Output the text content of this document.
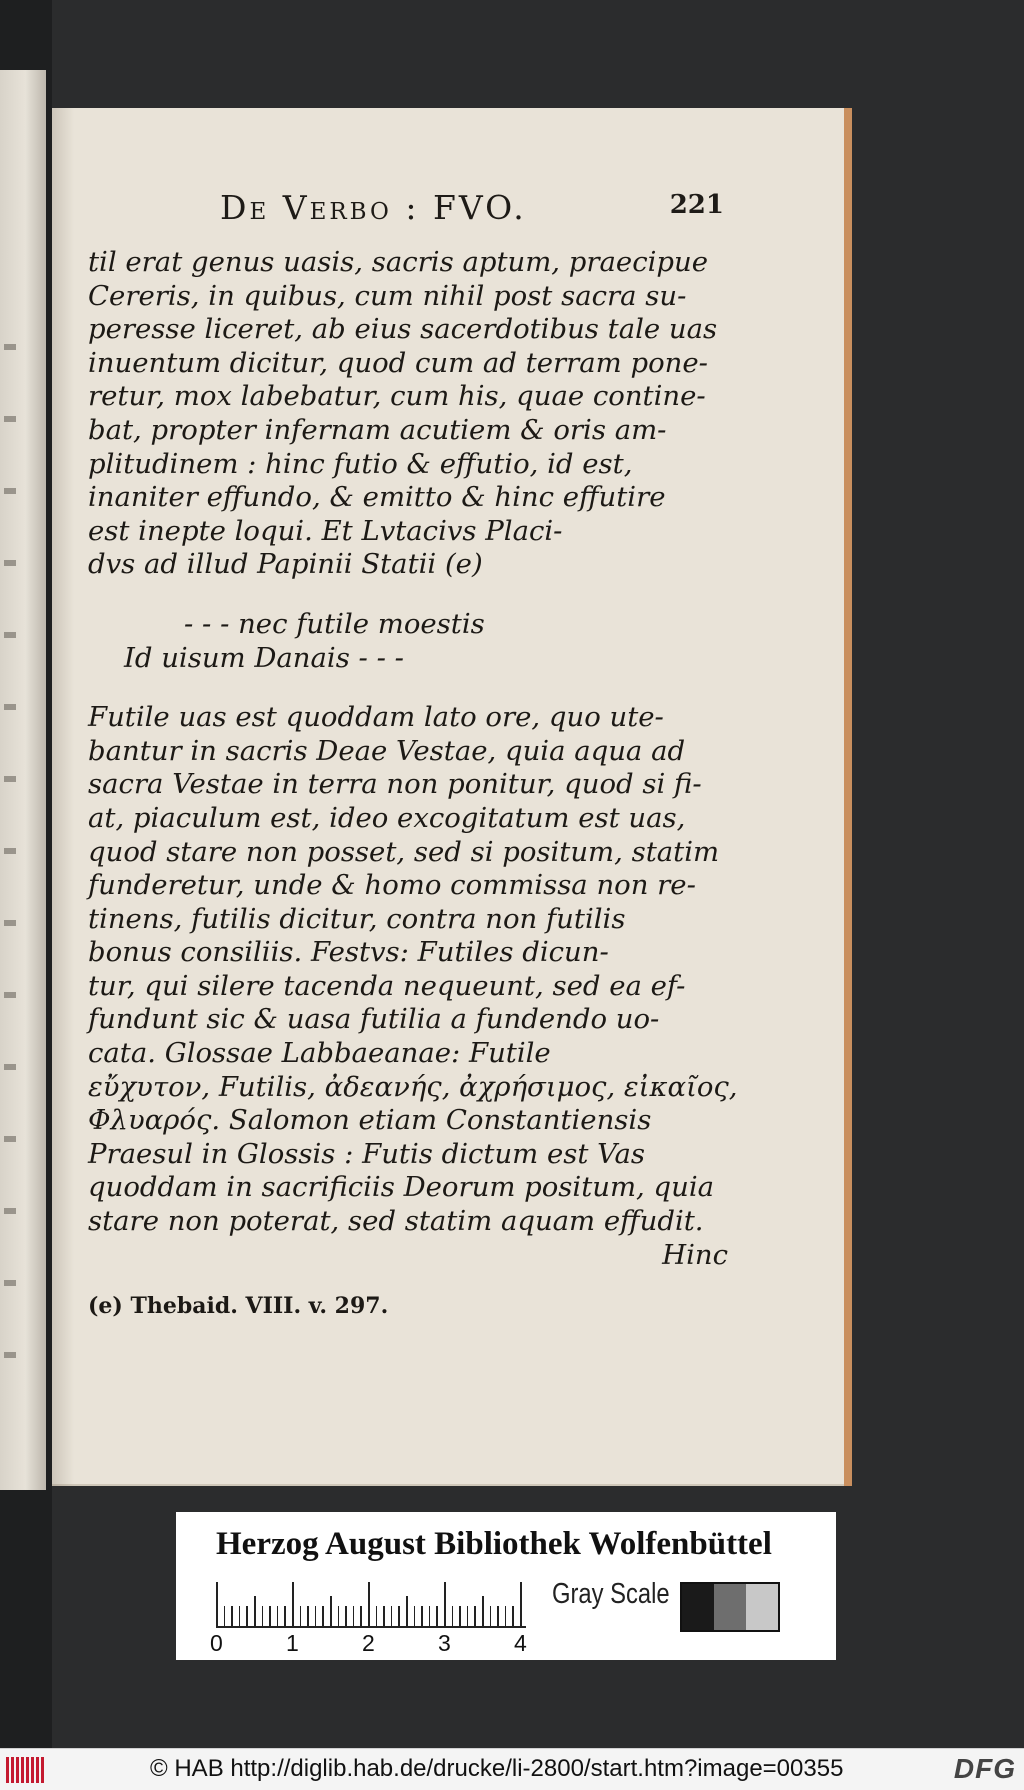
De Verbo : FVO.	221
til erat genus uasis, sacris aptum, praecipue
Cereris, in quibus, cum nihil post sacra su-
peresse liceret, ab eius sacerdotibus tale uas
inuentum dicitur, quod cum ad terram pone-
retur, mox labebatur, cum his, quae contine-
bat, propter infernam acutiem & oris am-
plitudinem : hinc futio & effutio, id est,
inaniter effundo, & emitto & hinc effutire
est inepte loqui. Et Lvtacivs Placi-
dvs ad illud Papinii Statii (e)
- - - nec futile moestis
Id uisum Danais - - -
Futile uas est quoddam lato ore, quo ute-
bantur in sacris Deae Vestae, quia aqua ad
sacra Vestae in terra non ponitur, quod si fi-
at, piaculum est, ideo excogitatum est uas,
quod stare non posset, sed si positum, statim
funderetur, unde & homo commissa non re-
tinens, futilis dicitur, contra non futilis
bonus consiliis. Festvs: Futiles dicun-
tur, qui silere tacenda nequeunt, sed ea ef-
fundunt sic & uasa futilia a fundendo uo-
cata. Glossae Labbaeanae: Futile
εὔχυτον, Futilis, ἀδεανής, ἀχρήσιμος, εἰκαῖος,
Φλυαρός. Salomon etiam Constantiensis
Praesul in Glossis : Futis dictum est Vas
quoddam in sacrificiis Deorum positum, quia
stare non poterat, sed statim aquam effudit.
Hinc
(e) Thebaid. VIII. v. 297.
Herzog August Bibliothek Wolfenbüttel
0	1	2	3	4
Gray Scale
© HAB http://diglib.hab.de/drucke/li-2800/start.htm?image=00355	DFG
